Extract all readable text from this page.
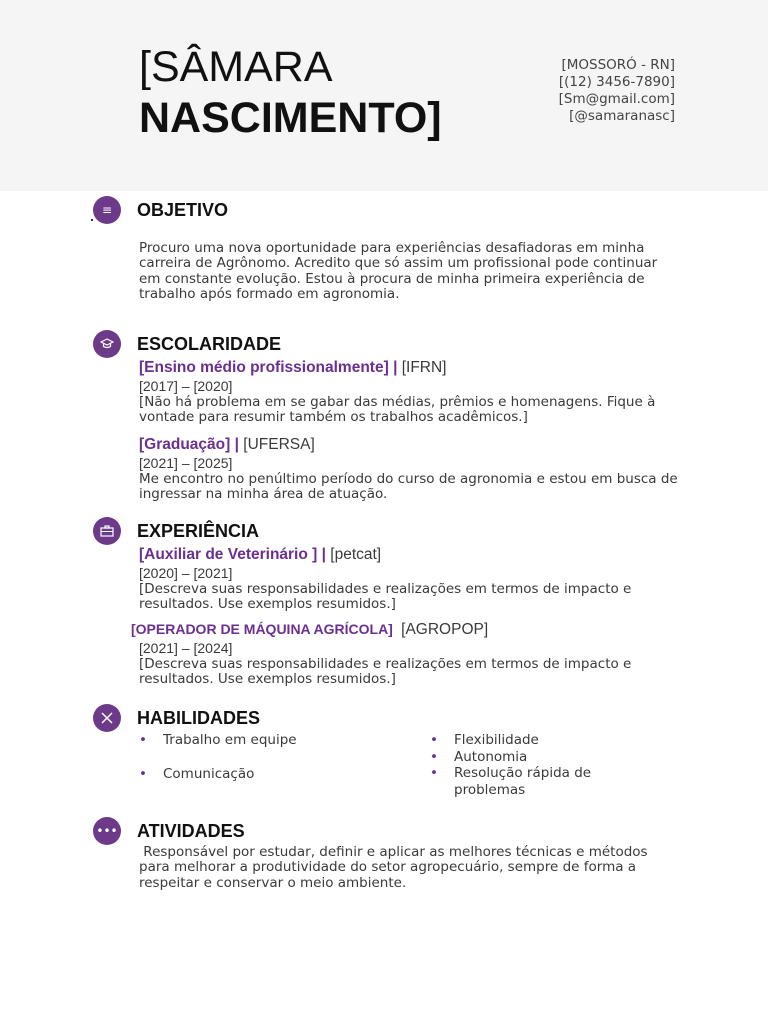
[SÂMARA
NASCIMENTO]
[MOSSORÓ - RN]
[(12) 3456-7890]
[Sm@gmail.com]
[@samaranasc]
≡	OBJETIVO
Procuro uma nova oportunidade para experiências desafiadoras em minha carreira de Agrônomo. Acredito que só assim um profissional pode continuar em constante evolução. Estou à procura de minha primeira experiência de trabalho após formado em agronomia.
ESCOLARIDADE
[Ensino médio profissionalmente] | [IFRN]
[2017] – [2020]
[Não há problema em se gabar das médias, prêmios e homenagens. Fique à vontade para resumir também os trabalhos acadêmicos.]
[Graduação] | [UFERSA]
[2021] – [2025]
Me encontro no penúltimo período do curso de agronomia e estou em busca de ingressar na minha área de atuação.
EXPERIÊNCIA
[Auxiliar de Veterinário ] | [petcat]
[2020] – [2021]
[Descreva suas responsabilidades e realizações em termos de impacto e resultados. Use exemplos resumidos.]
[OPERADOR DE MÁQUINA AGRÍCOLA] [AGROPOP]
[2021] – [2024]
[Descreva suas responsabilidades e realizações em termos de impacto e resultados. Use exemplos resumidos.]
HABILIDADES
• Trabalho em equipe
• Comunicação
• Flexibilidade
• Autonomia
• Resolução rápida de problemas
••• ATIVIDADES
Responsável por estudar, definir e aplicar as melhores técnicas e métodos para melhorar a produtividade do setor agropecuário, sempre de forma a respeitar e conservar o meio ambiente.
